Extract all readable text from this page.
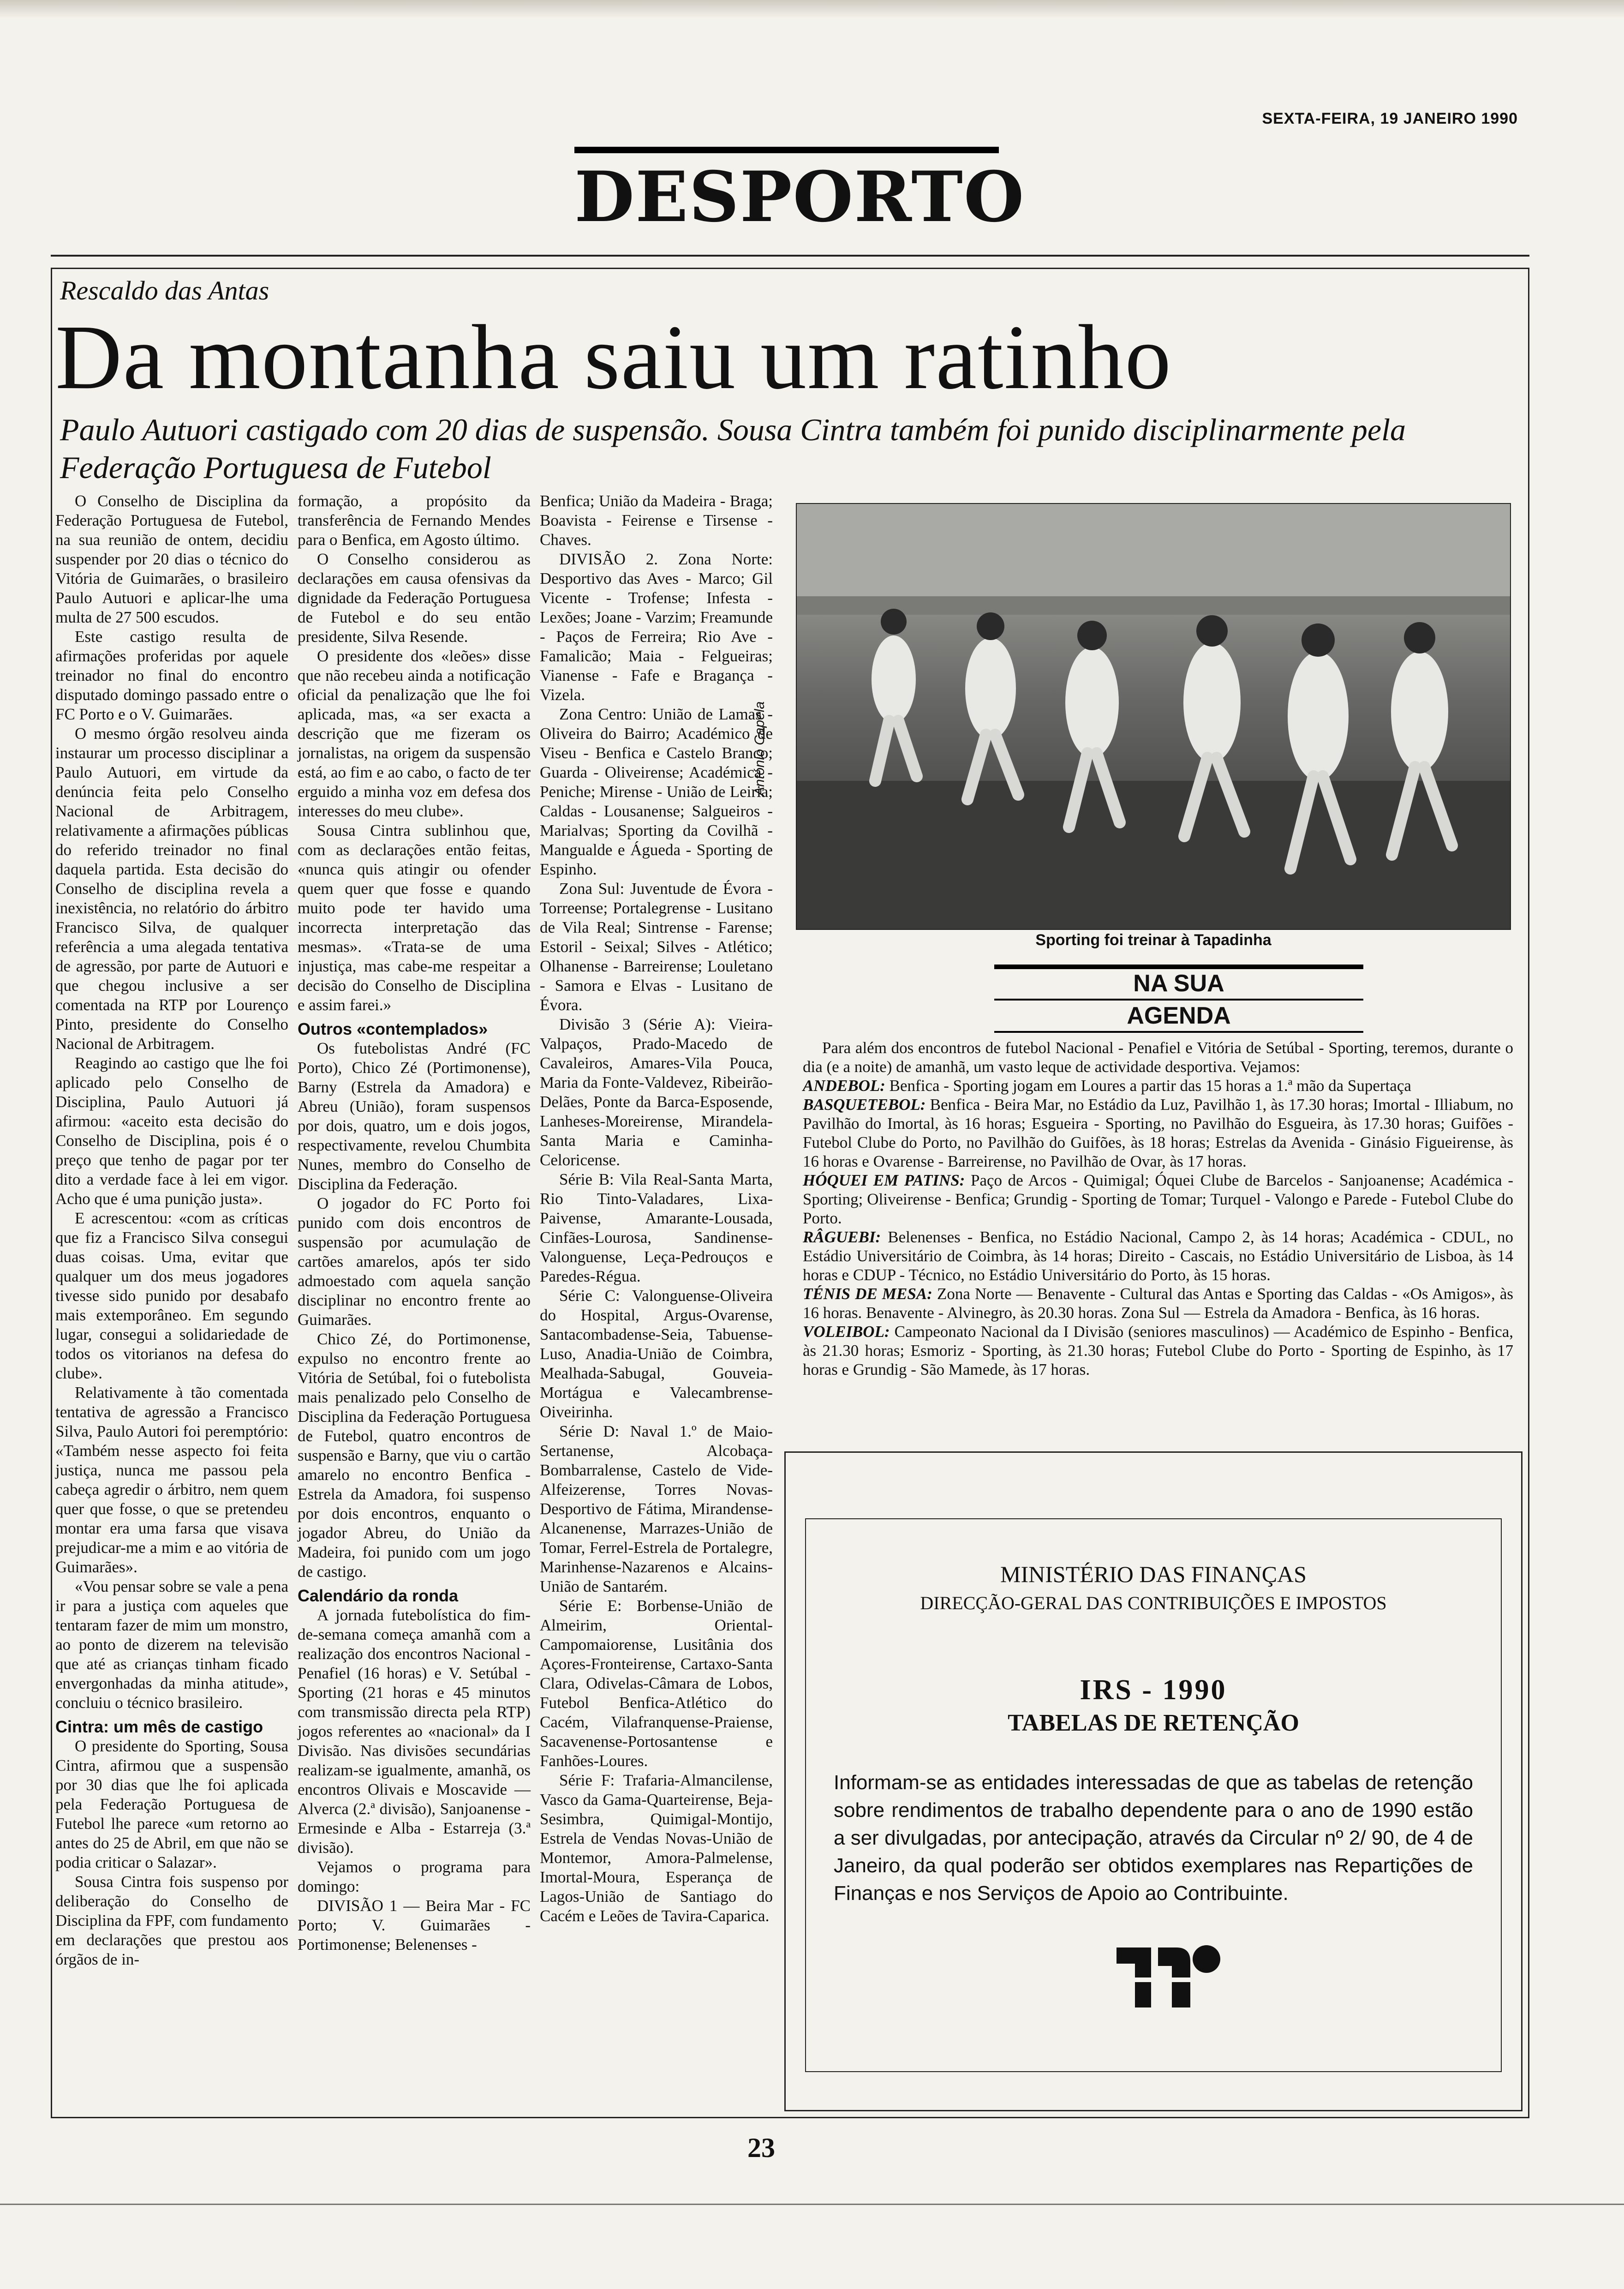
SEXTA-FEIRA, 19 JANEIRO 1990
DESPORTO
Rescaldo das Antas
Da montanha saiu um ratinho
Paulo Autuori castigado com 20 dias de suspensão. Sousa Cintra também foi punido disciplinarmente pela Federação Portuguesa de Futebol

O Conselho de Disciplina da Federação Portuguesa de Futebol, na sua reunião de ontem, decidiu suspender por 20 dias o técnico do Vitória de Guimarães, o brasileiro Paulo Autuori e aplicar-lhe uma multa de 27 500 escudos.

Este castigo resulta de afirmações proferidas por aquele treinador no final do encontro disputado domingo passado entre o FC Porto e o V. Guimarães.

O mesmo órgão resolveu ainda instaurar um processo disciplinar a Paulo Autuori, em virtude da denúncia feita pelo Conselho Nacional de Arbitragem, relativamente a afirmações públicas do referido treinador no final daquela partida. Esta decisão do Conselho de disciplina revela a inexistência, no relatório do árbitro Francisco Silva, de qualquer referência a uma alegada tentativa de agressão, por parte de Autuori e que chegou inclusive a ser comentada na RTP por Lourenço Pinto, presidente do Conselho Nacional de Arbitragem.

Reagindo ao castigo que lhe foi aplicado pelo Conselho de Disciplina, Paulo Autuori já afirmou: «aceito esta decisão do Conselho de Disciplina, pois é o preço que tenho de pagar por ter dito a verdade face à lei em vigor. Acho que é uma punição justa».

E acrescentou: «com as críticas que fiz a Francisco Silva consegui duas coisas. Uma, evitar que qualquer um dos meus jogadores tivesse sido punido por desabafo mais extemporâneo. Em segundo lugar, consegui a solidariedade de todos os vitorianos na defesa do clube».

Relativamente à tão comentada tentativa de agressão a Francisco Silva, Paulo Autori foi peremptório: «Também nesse aspecto foi feita justiça, nunca me passou pela cabeça agredir o árbitro, nem quem quer que fosse, o que se pretendeu montar era uma farsa que visava prejudicar-me a mim e ao vitória de Guimarães».

«Vou pensar sobre se vale a pena ir para a justiça com aqueles que tentaram fazer de mim um monstro, ao ponto de dizerem na televisão que até as crianças tinham ficado envergonhadas da minha atitude», concluiu o técnico brasileiro.

Cintra: um mês de castigo

O presidente do Sporting, Sousa Cintra, afirmou que a suspensão por 30 dias que lhe foi aplicada pela Federação Portuguesa de Futebol lhe parece «um retorno ao antes do 25 de Abril, em que não se podia criticar o Salazar».

Sousa Cintra fois suspenso por deliberação do Conselho de Disciplina da FPF, com fundamento em declarações que prestou aos órgãos de in-

formação, a propósito da transferência de Fernando Mendes para o Benfica, em Agosto último.

O Conselho considerou as declarações em causa ofensivas da dignidade da Federação Portuguesa de Futebol e do seu então presidente, Silva Resende.

O presidente dos «leões» disse que não recebeu ainda a notificação oficial da penalização que lhe foi aplicada, mas, «a ser exacta a descrição que me fizeram os jornalistas, na origem da suspensão está, ao fim e ao cabo, o facto de ter erguido a minha voz em defesa dos interesses do meu clube».

Sousa Cintra sublinhou que, com as declarações então feitas, «nunca quis atingir ou ofender quem quer que fosse e quando muito pode ter havido uma incorrecta interpretação das mesmas». «Trata-se de uma injustiça, mas cabe-me respeitar a decisão do Conselho de Disciplina e assim farei.»

Outros «contemplados»

Os futebolistas André (FC Porto), Chico Zé (Portimonense), Barny (Estrela da Amadora) e Abreu (União), foram suspensos por dois, quatro, um e dois jogos, respectivamente, revelou Chumbita Nunes, membro do Conselho de Disciplina da Federação.

O jogador do FC Porto foi punido com dois encontros de suspensão por acumulação de cartões amarelos, após ter sido admoestado com aquela sanção disciplinar no encontro frente ao Guimarães.

Chico Zé, do Portimonense, expulso no encontro frente ao Vitória de Setúbal, foi o futebolista mais penalizado pelo Conselho de Disciplina da Federação Portuguesa de Futebol, quatro encontros de suspensão e Barny, que viu o cartão amarelo no encontro Benfica - Estrela da Amadora, foi suspenso por dois encontros, enquanto o jogador Abreu, do União da Madeira, foi punido com um jogo de castigo.

Calendário da ronda

A jornada futebolística do fim-de-semana começa amanhã com a realização dos encontros Nacional - Penafiel (16 horas) e V. Setúbal - Sporting (21 horas e 45 minutos com transmissão directa pela RTP) jogos referentes ao «nacional» da I Divisão. Nas divisões secundárias realizam-se igualmente, amanhã, os encontros Olivais e Moscavide — Alverca (2.ª divisão), Sanjoanense - Ermesinde e Alba - Estarreja (3.ª divisão).

Vejamos o programa para domingo:

DIVISÃO 1 — Beira Mar - FC Porto; V. Guimarães - Portimonense; Belenenses -

Benfica; União da Madeira - Braga; Boavista - Feirense e Tirsense - Chaves.

DIVISÃO 2. Zona Norte: Desportivo das Aves - Marco; Gil Vicente - Trofense; Infesta - Lexões; Joane - Varzim; Freamunde - Paços de Ferreira; Rio Ave - Famalicão; Maia - Felgueiras; Vianense - Fafe e Bragança - Vizela.

Zona Centro: União de Lamas - Oliveira do Bairro; Académico de Viseu - Benfica e Castelo Branco; Guarda - Oliveirense; Académica - Peniche; Mirense - União de Leiria; Caldas - Lousanense; Salgueiros - Marialvas; Sporting da Covilhã - Mangualde e Águeda - Sporting de Espinho.

Zona Sul: Juventude de Évora - Torreense; Portalegrense - Lusitano de Vila Real; Sintrense - Farense; Estoril - Seixal; Silves - Atlético; Olhanense - Barreirense; Louletano - Samora e Elvas - Lusitano de Évora.

Divisão 3 (Série A): Vieira-Valpaços, Prado-Macedo de Cavaleiros, Amares-Vila Pouca, Maria da Fonte-Valdevez, Ribeirão-Delães, Ponte da Barca-Esposende, Lanheses-Moreirense, Mirandela-Santa Maria e Caminha-Celoricense.

Série B: Vila Real-Santa Marta, Rio Tinto-Valadares, Lixa-Paivense, Amarante-Lousada, Cinfães-Lourosa, Sandinense-Valonguense, Leça-Pedrouços e Paredes-Régua.

Série C: Valonguense-Oliveira do Hospital, Argus-Ovarense, Santacombadense-Seia, Tabuense-Luso, Anadia-União de Coimbra, Mealhada-Sabugal, Gouveia-Mortágua e Valecambrense-Oiveirinha.

Série D: Naval 1.º de Maio-Sertanense, Alcobaça-Bombarralense, Castelo de Vide-Alfeizerense, Torres Novas-Desportivo de Fátima, Mirandense-Alcanenense, Marrazes-União de Tomar, Ferrel-Estrela de Portalegre, Marinhense-Nazarenos e Alcains-União de Santarém.

Série E: Borbense-União de Almeirim, Oriental-Campomaiorense, Lusitânia dos Açores-Fronteirense, Cartaxo-Santa Clara, Odivelas-Câmara de Lobos, Futebol Benfica-Atlético do Cacém, Vilafranquense-Praiense, Sacavenense-Portosantense e Fanhões-Loures.

Série F: Trafaria-Almancilense, Vasco da Gama-Quarteirense, Beja-Sesimbra, Quimigal-Montijo, Estrela de Vendas Novas-União de Montemor, Amora-Palmelense, Imortal-Moura, Esperança de Lagos-União de Santiago do Cacém e Leões de Tavira-Caparica.

António Capela
Sporting foi treinar à Tapadinha
NA SUA
AGENDA

Para além dos encontros de futebol Nacional - Penafiel e Vitória de Setúbal - Sporting, teremos, durante o dia (e a noite) de amanhã, um vasto leque de actividade desportiva. Vejamos:

ANDEBOL: Benfica - Sporting jogam em Loures a partir das 15 horas a 1.ª mão da Supertaça

BASQUETEBOL: Benfica - Beira Mar, no Estádio da Luz, Pavilhão 1, às 17.30 horas; Imortal - Illiabum, no Pavilhão do Imortal, às 16 horas; Esgueira - Sporting, no Pavilhão do Esgueira, às 17.30 horas; Guifões - Futebol Clube do Porto, no Pavilhão do Guifões, às 18 horas; Estrelas da Avenida - Ginásio Figueirense, às 16 horas e Ovarense - Barreirense, no Pavilhão de Ovar, às 17 horas.

HÓQUEI EM PATINS: Paço de Arcos - Quimigal; Óquei Clube de Barcelos - Sanjoanense; Académica - Sporting; Oliveirense - Benfica; Grundig - Sporting de Tomar; Turquel - Valongo e Parede - Futebol Clube do Porto.

RÂGUEBI: Belenenses - Benfica, no Estádio Nacional, Campo 2, às 14 horas; Académica - CDUL, no Estádio Universitário de Coimbra, às 14 horas; Direito - Cascais, no Estádio Universitário de Lisboa, às 14 horas e CDUP - Técnico, no Estádio Universitário do Porto, às 15 horas.

TÉNIS DE MESA: Zona Norte — Benavente - Cultural das Antas e Sporting das Caldas - «Os Amigos», às 16 horas. Benavente - Alvinegro, às 20.30 horas. Zona Sul — Estrela da Amadora - Benfica, às 16 horas.

VOLEIBOL: Campeonato Nacional da I Divisão (seniores masculinos) — Académico de Espinho - Benfica, às 21.30 horas; Esmoriz - Sporting, às 21.30 horas; Futebol Clube do Porto - Sporting de Espinho, às 17 horas e Grundig - São Mamede, às 17 horas.

MINISTÉRIO DAS FINANÇAS
DIRECÇÃO-GERAL DAS CONTRIBUIÇÕES E IMPOSTOS
IRS - 1990
TABELAS DE RETENÇÃO
Informam-se as entidades interessadas de que as tabelas de retenção sobre rendimentos de trabalho dependente para o ano de 1990 estão a ser divulgadas, por antecipação, através da Circular nº 2/ 90, de 4 de Janeiro, da qual poderão ser obtidos exemplares nas Repartições de Finanças e nos Serviços de Apoio ao Contribuinte.
23
